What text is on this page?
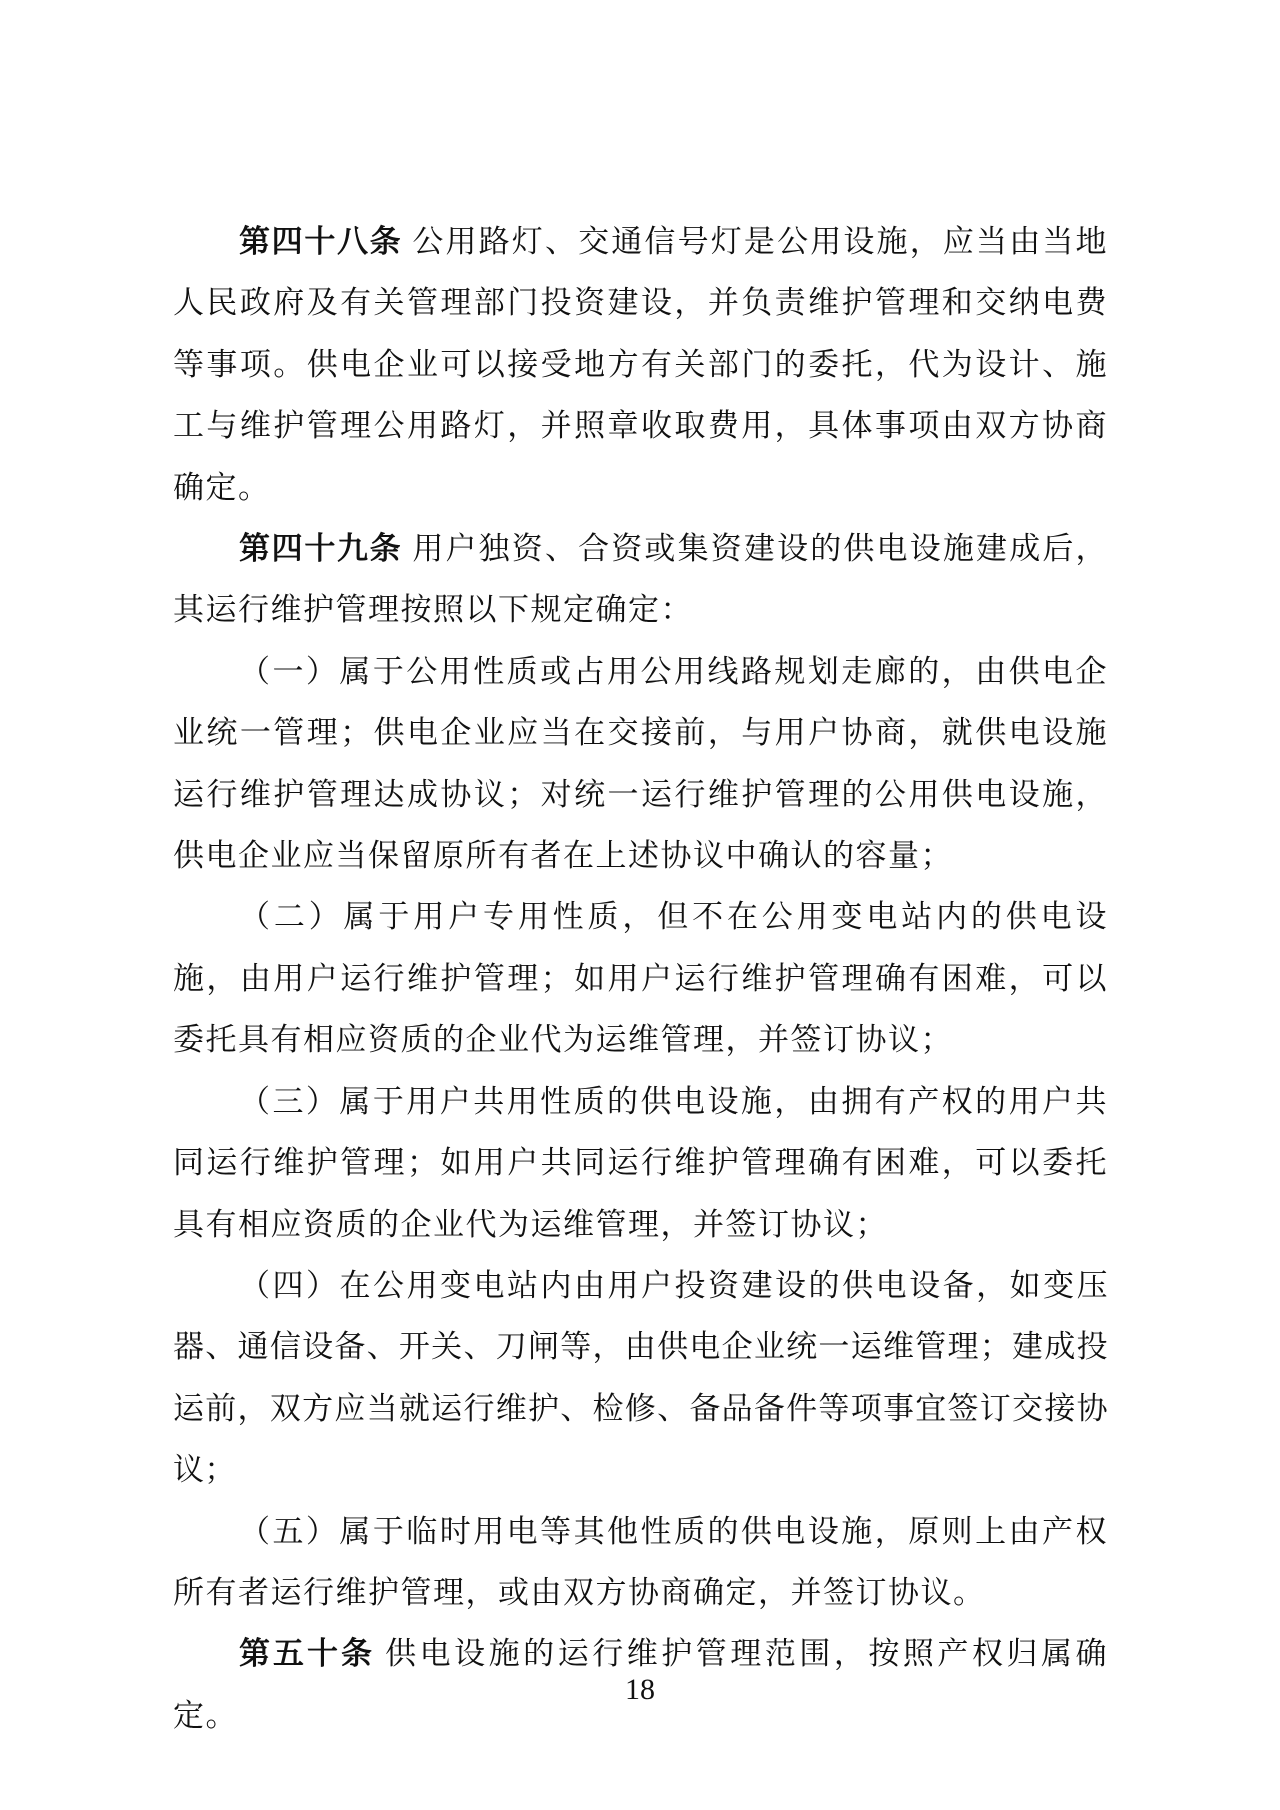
第四十八条 公用路灯、交通信号灯是公用设施，应当由当地人民政府及有关管理部门投资建设，并负责维护管理和交纳电费等事项。供电企业可以接受地方有关部门的委托，代为设计、施工与维护管理公用路灯，并照章收取费用，具体事项由双方协商确定。

第四十九条 用户独资、合资或集资建设的供电设施建成后，其运行维护管理按照以下规定确定：

（一）属于公用性质或占用公用线路规划走廊的，由供电企业统一管理；供电企业应当在交接前，与用户协商，就供电设施运行维护管理达成协议；对统一运行维护管理的公用供电设施，供电企业应当保留原所有者在上述协议中确认的容量；

（二）属于用户专用性质，但不在公用变电站内的供电设施，由用户运行维护管理；如用户运行维护管理确有困难，可以委托具有相应资质的企业代为运维管理，并签订协议；

（三）属于用户共用性质的供电设施，由拥有产权的用户共同运行维护管理；如用户共同运行维护管理确有困难，可以委托具有相应资质的企业代为运维管理，并签订协议；

（四）在公用变电站内由用户投资建设的供电设备，如变压器、通信设备、开关、刀闸等，由供电企业统一运维管理；建成投运前，双方应当就运行维护、检修、备品备件等项事宜签订交接协议；

（五）属于临时用电等其他性质的供电设施，原则上由产权所有者运行维护管理，或由双方协商确定，并签订协议。

第五十条 供电设施的运行维护管理范围，按照产权归属确定。

18
